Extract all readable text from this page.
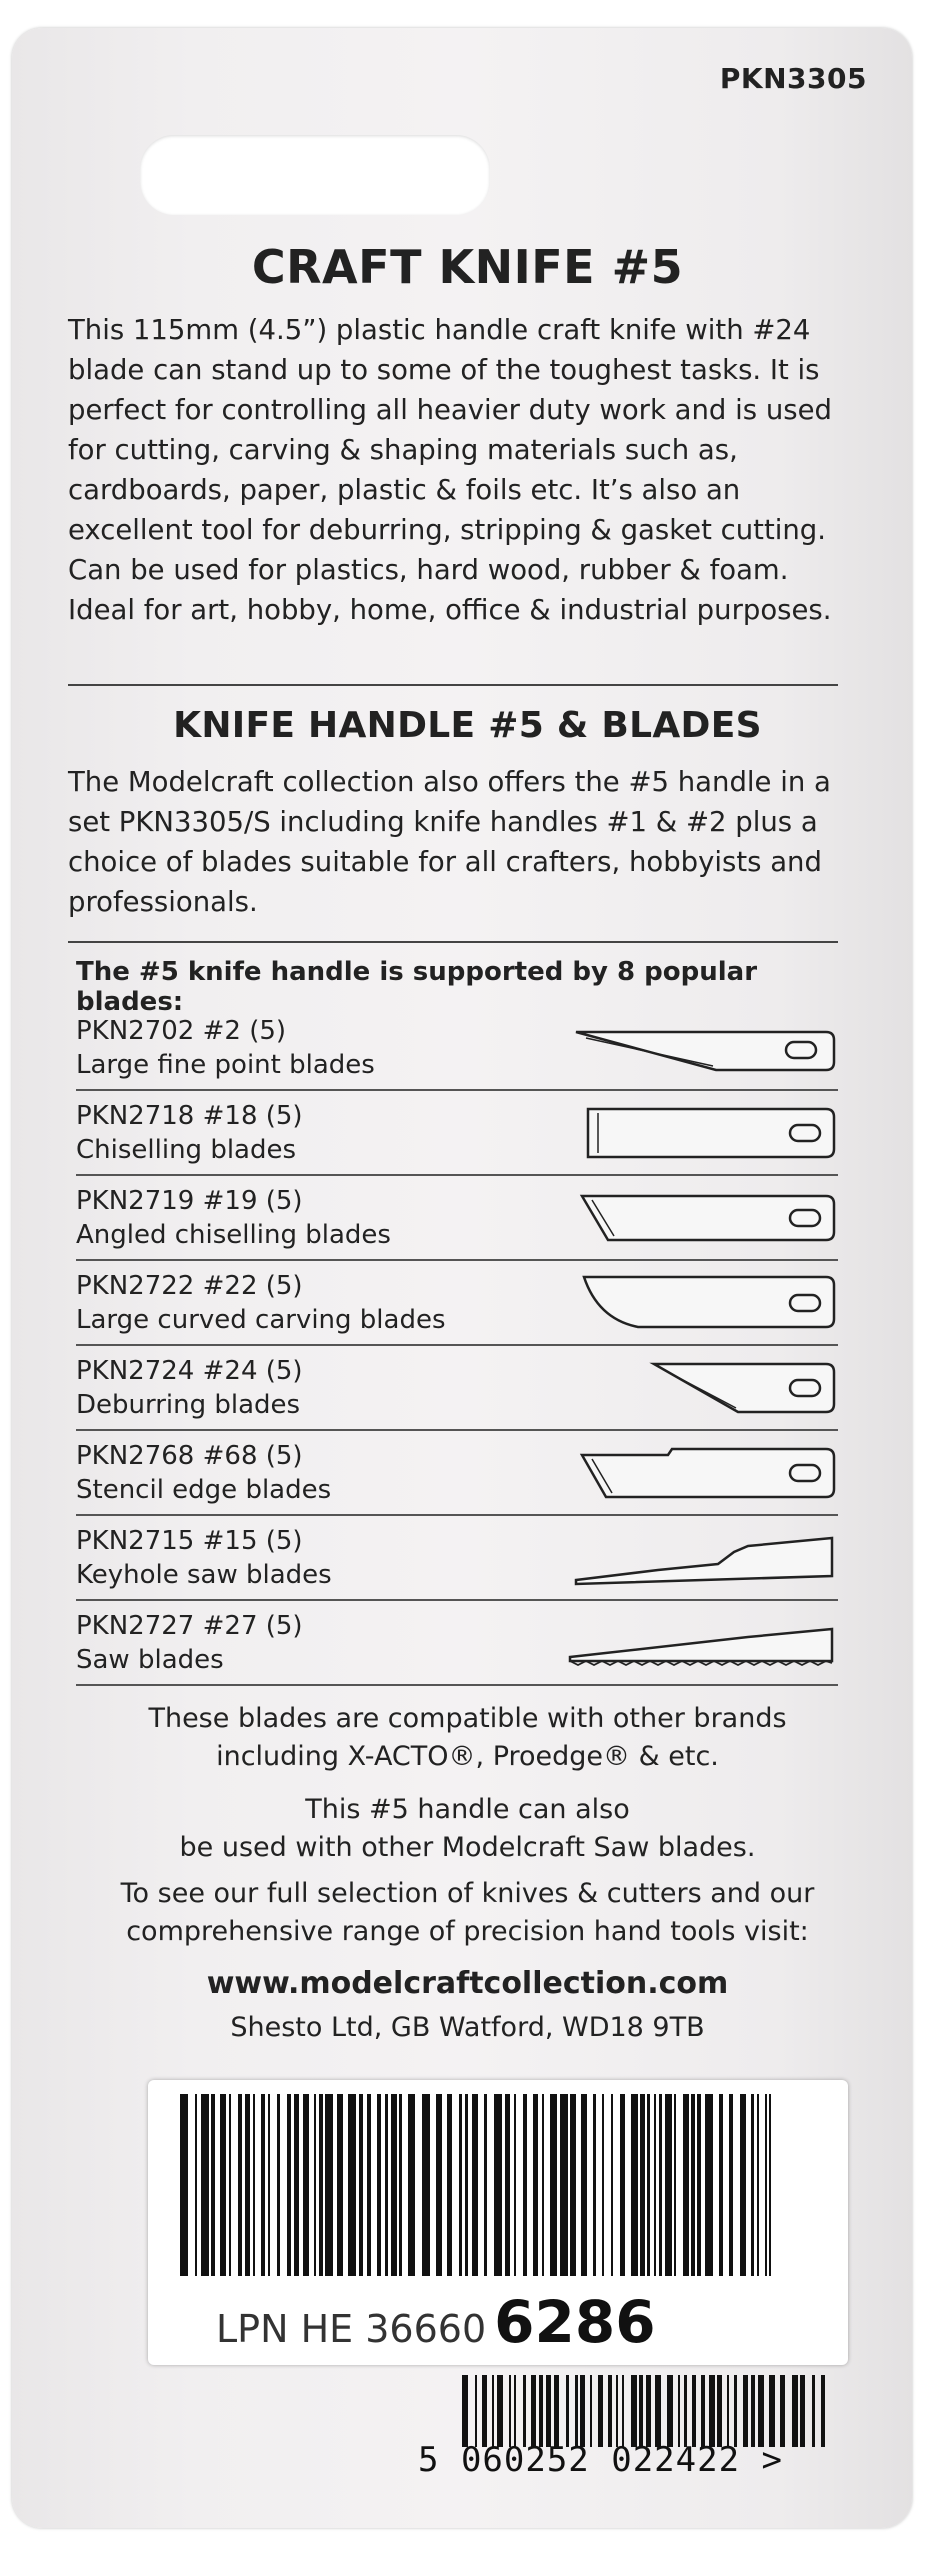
PKN3305
CRAFT KNIFE #5
This 115mm (4.5”) plastic handle craft knife with #24 blade can stand up to some of the toughest tasks. It is perfect for controlling all heavier duty work and is used for cutting, carving & shaping materials such as, cardboards, paper, plastic & foils etc. It’s also an excellent tool for deburring, stripping & gasket cutting. Can be used for plastics, hard wood, rubber & foam. Ideal for art, hobby, home, office & industrial purposes.
KNIFE HANDLE #5 & BLADES
The Modelcraft collection also offers the #5 handle in a set PKN3305/S including knife handles #1 & #2 plus a choice of blades suitable for all crafters, hobbyists and professionals.
The #5 knife handle is supported by 8 popular blades:
PKN2702 #2 (5)
Large fine point blades
PKN2718 #18 (5)
Chiselling blades
PKN2719 #19 (5)
Angled chiselling blades
PKN2722 #22 (5)
Large curved carving blades
PKN2724 #24 (5)
Deburring blades
PKN2768 #68 (5)
Stencil edge blades
PKN2715 #15 (5)
Keyhole saw blades
PKN2727 #27 (5)
Saw blades
These blades are compatible with other brands
including X-ACTO®, Proedge® & etc.
This #5 handle can also
be used with other Modelcraft Saw blades.
To see our full selection of knives & cutters and our
comprehensive range of precision hand tools visit:
www.modelcraftcollection.com
Shesto Ltd, GB Watford, WD18 9TB
LPN HE 36660 6286
5 060252 022422 >
